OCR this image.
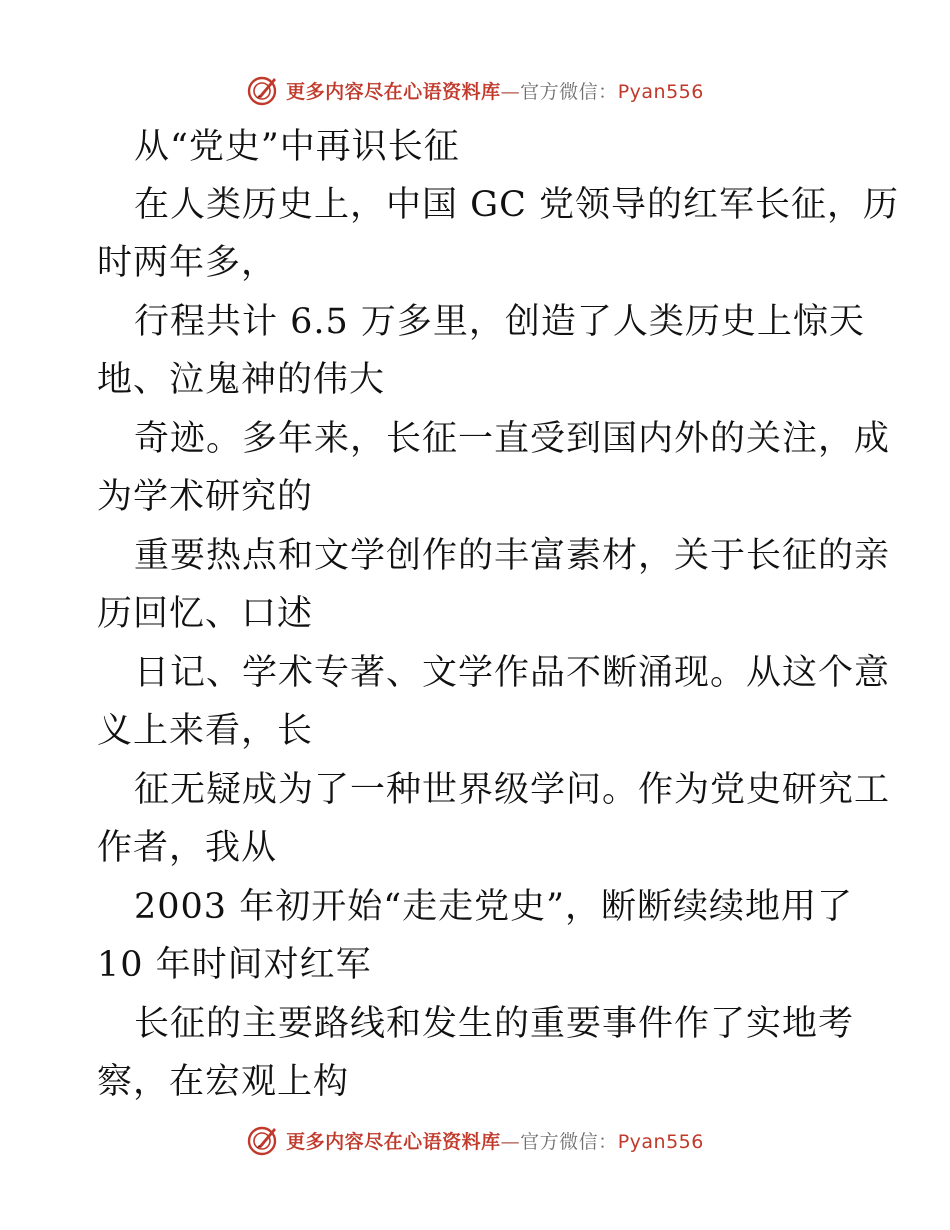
更多内容尽在心语资料库—官方微信：Pyan556
从“党史”中再识长征
在人类历史上，中国 GC 党领导的红军长征，历
时两年多，
行程共计 6.5 万多里，创造了人类历史上惊天
地、泣鬼神的伟大
奇迹。多年来，长征一直受到国内外的关注，成
为学术研究的
重要热点和文学创作的丰富素材，关于长征的亲
历回忆、口述
日记、学术专著、文学作品不断涌现。从这个意
义上来看，长
征无疑成为了一种世界级学问。作为党史研究工
作者，我从
2003 年初开始“走走党史”，断断续续地用了
10 年时间对红军
长征的主要路线和发生的重要事件作了实地考
察，在宏观上构
更多内容尽在心语资料库—官方微信：Pyan556
